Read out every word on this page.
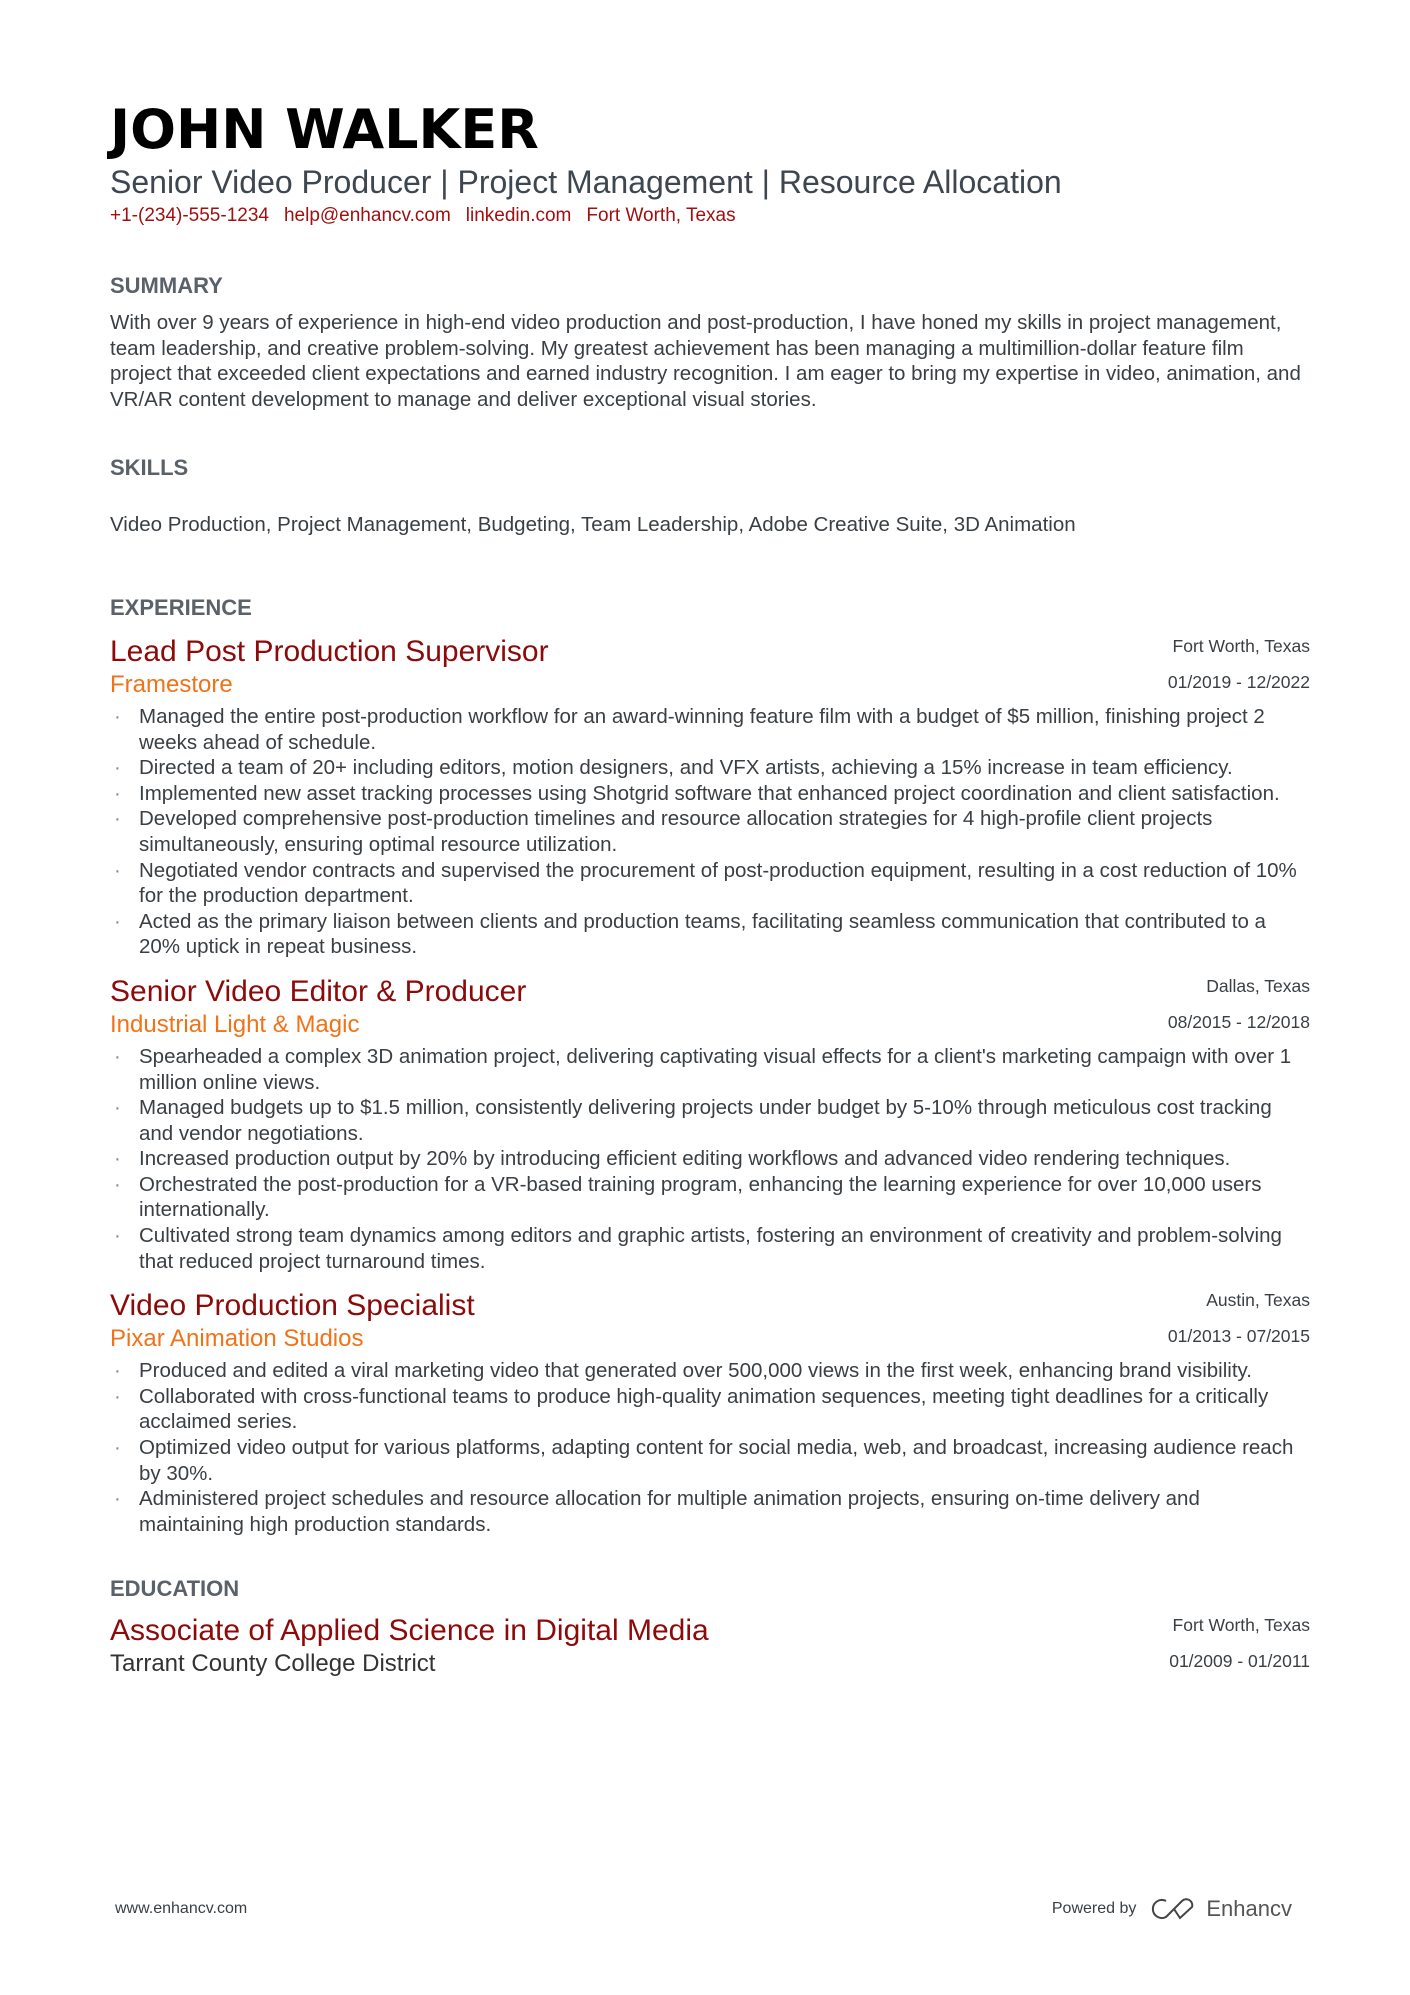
JOHN WALKER
Senior Video Producer | Project Management | Resource Allocation
+1-(234)-555-1234 help@enhancv.com linkedin.com Fort Worth, Texas
SUMMARY
With over 9 years of experience in high-end video production and post-production, I have honed my skills in project management, team leadership, and creative problem-solving. My greatest achievement has been managing a multimillion-dollar feature film project that exceeded client expectations and earned industry recognition. I am eager to bring my expertise in video, animation, and VR/AR content development to manage and deliver exceptional visual stories.
SKILLS
Video Production, Project Management, Budgeting, Team Leadership, Adobe Creative Suite, 3D Animation
EXPERIENCE
Fort Worth, Texas
01/2019 - 12/2022
Lead Post Production Supervisor
Framestore
· Managed the entire post-production workflow for an award-winning feature film with a budget of $5 million, finishing project 2 weeks ahead of schedule.
· Directed a team of 20+ including editors, motion designers, and VFX artists, achieving a 15% increase in team efficiency.
· Implemented new asset tracking processes using Shotgrid software that enhanced project coordination and client satisfaction.
· Developed comprehensive post-production timelines and resource allocation strategies for 4 high-profile client projects simultaneously, ensuring optimal resource utilization.
· Negotiated vendor contracts and supervised the procurement of post-production equipment, resulting in a cost reduction of 10% for the production department.
· Acted as the primary liaison between clients and production teams, facilitating seamless communication that contributed to a 20% uptick in repeat business.
Dallas, Texas
08/2015 - 12/2018
Senior Video Editor & Producer
Industrial Light & Magic
· Spearheaded a complex 3D animation project, delivering captivating visual effects for a client's marketing campaign with over 1 million online views.
· Managed budgets up to $1.5 million, consistently delivering projects under budget by 5-10% through meticulous cost tracking and vendor negotiations.
· Increased production output by 20% by introducing efficient editing workflows and advanced video rendering techniques.
· Orchestrated the post-production for a VR-based training program, enhancing the learning experience for over 10,000 users internationally.
· Cultivated strong team dynamics among editors and graphic artists, fostering an environment of creativity and problem-solving that reduced project turnaround times.
Austin, Texas
01/2013 - 07/2015
Video Production Specialist
Pixar Animation Studios
· Produced and edited a viral marketing video that generated over 500,000 views in the first week, enhancing brand visibility.
· Collaborated with cross-functional teams to produce high-quality animation sequences, meeting tight deadlines for a critically acclaimed series.
· Optimized video output for various platforms, adapting content for social media, web, and broadcast, increasing audience reach by 30%.
· Administered project schedules and resource allocation for multiple animation projects, ensuring on-time delivery and maintaining high production standards.
EDUCATION
Fort Worth, Texas
01/2009 - 01/2011
Associate of Applied Science in Digital Media
Tarrant County College District
www.enhancv.com	Powered by	Enhancv
